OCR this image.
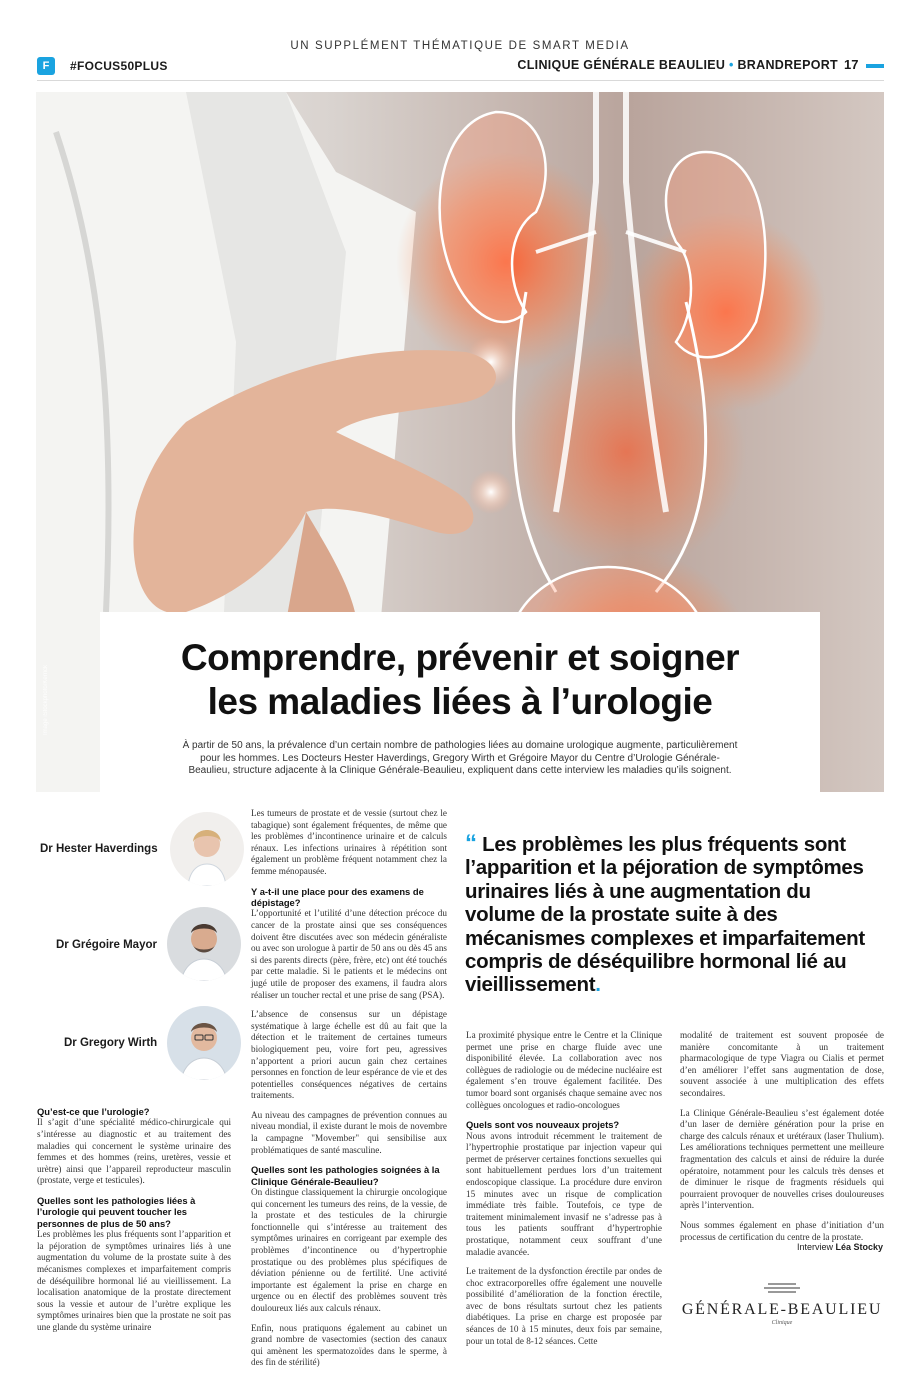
UN SUPPLÉMENT THÉMATIQUE DE SMART MEDIA
F	#FOCUS50PLUS	CLINIQUE GÉNÉRALE BEAULIEU • BRANDREPORT 17
Image iStockphoto/Kerrick
Comprendre, prévenir et soigner
les maladies liées à l’urologie
À partir de 50 ans, la prévalence d’un certain nombre de pathologies liées au domaine urologique augmente, particulièrement pour les hommes. Les Docteurs Hester Haverdings, Gregory Wirth et Grégoire Mayor du Centre d’Urologie Générale-Beaulieu, structure adjacente à la Clinique Générale-Beaulieu, expliquent dans cette interview les maladies qu’ils soignent.
Dr Hester Haverdings
Dr Grégoire Mayor
Dr Gregory Wirth

Qu’est-ce que l’urologie?

Il s’agit d’une spécialité médico-chirurgicale qui s’intéresse au diagnostic et au traitement des maladies qui concernent le système urinaire des femmes et des hommes (reins, uretères, vessie et urètre) ainsi que l’appareil reproducteur masculin (prostate, verge et testicules).

Quelles sont les pathologies liées à l’urologie qui peuvent toucher les personnes de plus de 50 ans?

Les problèmes les plus fréquents sont l’apparition et la péjoration de symptômes urinaires liés à une augmentation du volume de la prostate suite à des mécanismes complexes et imparfaitement compris de déséquilibre hormonal lié au vieillissement. La localisation anatomique de la prostate directement sous la vessie et autour de l’urètre explique les symptômes urinaires bien que la prostate ne soit pas une glande du système urinaire

Les tumeurs de prostate et de vessie (surtout chez le tabagique) sont également fréquentes, de même que les problèmes d’incontinence urinaire et de calculs rénaux. Les infections urinaires à répétition sont également un problème fréquent notamment chez la femme ménopausée.

Y a-t-il une place pour des examens de dépistage?

L’opportunité et l’utilité d’une détection précoce du cancer de la prostate ainsi que ses conséquences doivent être discutées avec son médecin généraliste ou avec son urologue à partir de 50 ans ou dès 45 ans si des parents directs (père, frère, etc) ont été touchés par cette maladie. Si le patients et le médecins ont jugé utile de proposer des examens, il faudra alors réaliser un toucher rectal et une prise de sang (PSA).

L’absence de consensus sur un dépistage systématique à large échelle est dû au fait que la détection et le traitement de certaines tumeurs biologiquement peu, voire fort peu, agressives n’apportent a priori aucun gain chez certaines personnes en fonction de leur espérance de vie et des potentielles conséquences négatives de certains traitements.

Au niveau des campagnes de prévention connues au niveau mondial, il existe durant le mois de novembre la campagne "Movember" qui sensibilise aux problématiques de santé masculine.

Quelles sont les pathologies soignées à la Clinique Générale-Beaulieu?

On distingue classiquement la chirurgie oncologique qui concernent les tumeurs des reins, de la vessie, de la prostate et des testicules de la chirurgie fonctionnelle qui s’intéresse au traitement des symptômes urinaires en corrigeant par exemple des problèmes d’incontinence ou d’hypertrophie prostatique ou des problèmes plus spécifiques de déviation pénienne ou de fertilité. Une activité importante est également la prise en charge en urgence ou en électif des problèmes souvent très douloureux liés aux calculs rénaux.

Enfin, nous pratiquons également au cabinet un grand nombre de vasectomies (section des canaux qui amènent les spermatozoïdes dans le sperme, à des fin de stérilité)

“ Les problèmes les plus fréquents sont l’apparition et la péjoration de symptômes urinaires liés à une augmentation du volume de la prostate suite à des mécanismes complexes et imparfaitement compris de déséquilibre hormonal lié au vieillissement.

La proximité physique entre le Centre et la Clinique permet une prise en charge fluide avec une disponibilité élevée. La collaboration avec nos collègues de radiologie ou de médecine nucléaire est également s’en trouve également facilitée. Des tumor board sont organisés chaque semaine avec nos collègues oncologues et radio-oncologues

Quels sont vos nouveaux projets?

Nous avons introduit récemment le traitement de l’hypertrophie prostatique par injection vapeur qui permet de préserver certaines fonctions sexuelles qui sont habituellement perdues lors d’un traitement endoscopique classique. La procédure dure environ 15 minutes avec un risque de complication immédiate très faible. Toutefois, ce type de traitement minimalement invasif ne s’adresse pas à tous les patients souffrant d’hypertrophie prostatique, notamment ceux souffrant d’une maladie avancée.

Le traitement de la dysfonction érectile par ondes de choc extracorporelles offre également une nouvelle possibilité d’amélioration de la fonction érectile, avec de bons résultats surtout chez les patients diabétiques. La prise en charge est proposée par séances de 10 à 15 minutes, deux fois par semaine, pour un total de 8-12 séances. Cette

modalité de traitement est souvent proposée de manière concomitante à un traitement pharmacologique de type Viagra ou Cialis et permet d’en améliorer l’effet sans augmentation de dose, souvent associée à une multiplication des effets secondaires.

La Clinique Générale-Beaulieu s’est également dotée d’un laser de dernière génération pour la prise en charge des calculs rénaux et urétéraux (laser Thulium). Les améliorations techniques permettent une meilleure fragmentation des calculs et ainsi de réduire la durée opératoire, notamment pour les calculs très denses et de diminuer le risque de fragments résiduels qui pourraient provoquer de nouvelles crises douloureuses après l’intervention.

Nous sommes également en phase d’initiation d’un processus de certification du centre de la prostate.

Interview Léa Stocky
GÉNÉRALE-BEAULIEU
Clinique
